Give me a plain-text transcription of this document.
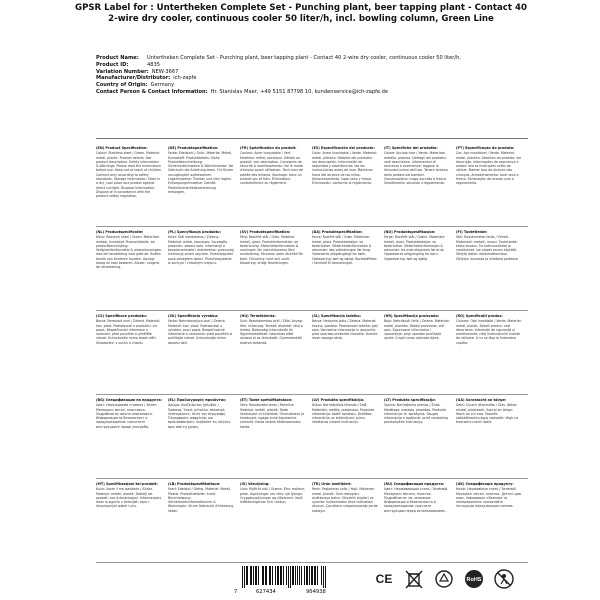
GPSR Label for : Untertheken Complete Set - Punching plant, beer tapping plant - Contact 40 2-wire dry cooler, continuous cooler 50 liter/h, incl. bowling column, Green Line
Product Name: Untertheken Complete Set - Punching plant, beer tapping plant - Contact 40 2-wire dry cooler, continuous cooler 50 liter/h,
Product ID:	4835
Variation Number: NEW-3667
Manufacturer/Distributor: ich-zapfe
Country of Origin: Germany
Contact Person & Contact Information: Hr. Stanislav Maer, +49 5151 87798 10, kundenservice@ich-zapfe.de
7	627434	904938
CE	RoHS
(EN) Product Specification:
Colour: Stainless steel / Green. Material: metal, plastic. Product details: See product description. Safety information & Warnings: Please read the instructions before use. Keep out of reach of children. Connect only according to safety standards. Storage information: Store in a dry, cool place and protect against direct sunlight. Disposal information: Dispose of in accordance with the product safety regulation.
(DE) Produktspezifikation:
Farbe: Edelstahl / Grün. Material: Metall, Kunststoff. Produktdetails: Siehe Produktbeschreibung. Sicherheitshinweise & Warnhinweise: Vor Gebrauch die Anleitung lesen. Für Kinder unzugänglich aufbewahren. Lagerhinweise: Trocken und kühl lagern. Entsorgungshinweise: Gemäß Produktsicherheitsverordnung entsorgen.
(FR) Spécification du produit:
Couleur: Acier inoxydable / Vert. Matériau: métal, plastique. Détails du produit: voir description. Consignes de sécurité & avertissements: lire le mode d'emploi avant utilisation. Tenir hors de portée des enfants. Stockage: dans un endroit sec et frais. Élimination: conformément au règlement.
(ES) Especificación del producto:
Color: Acero inoxidable / Verde. Material: metal, plástico. Detalles del producto: ver descripción. Información de seguridad y advertencias: lea las instrucciones antes de usar. Mantener fuera del alcance de los niños. Almacenamiento: lugar seco y fresco. Eliminación: conforme al reglamento.
(IT) Specifiche del prodotto:
Colore: Acciaio inox / Verde. Materiale: metallo, plastica. Dettagli del prodotto: vedi descrizione. Informazioni di sicurezza e avvertenze: leggere le istruzioni prima dell'uso. Tenere lontano dalla portata dei bambini. Conservazione: luogo asciutto e fresco. Smaltimento: secondo il regolamento.
(PT) Especificação do produto:
Cor: Aço inoxidável / Verde. Material: metal, plástico. Detalhes do produto: ver descrição. Informações de segurança e avisos: leia as instruções antes de utilizar. Manter fora do alcance das crianças. Armazenamento: local seco e fresco. Eliminação: de acordo com o regulamento.
(NL) Productspecificatie:
Kleur: Roestvrij staal / Groen. Materiaal: metaal, kunststof. Productdetails: zie productbeschrijving. Veiligheidsinformatie & waarschuwingen: lees de handleiding voor gebruik. Buiten bereik van kinderen houden. Opslag: droog en koel bewaren. Afvoer: volgens de verordening.
(PL) Specyfikacja produktu:
Kolor: Stal nierdzewna / Zielony. Materiał: metal, tworzywo. Szczegóły produktu: zobacz opis. Informacje o bezpieczeństwie i ostrzeżenia: przeczytaj instrukcję przed użyciem. Przechowywać poza zasięgiem dzieci. Przechowywanie: w suchym i chłodnym miejscu.
(SV) Produktspecifikation:
Färg: Rostfritt stål / Grön. Material: metall, plast. Produktinformation: se beskrivning. Säkerhetsinformation & varningar: läs instruktionerna före användning. Förvaras utom räckhåll för barn. Förvaring: torrt och svalt. Kassering: enligt förordningen.
(DA) Produktspecifikation:
Farve: Rustfrit stål / Grøn. Materiale: metal, plast. Produktdetaljer: se beskrivelse. Sikkerhedsinformation & advarsler: læs vejledningen før brug. Opbevares utilgængeligt for børn. Opbevaring: tørt og køligt. Bortskaffelse: i henhold til forordningen.
(NO) Produktspesifikasjon:
Farge: Rustfritt stål / Grønn. Materiale: metall, plast. Produktdetaljer: se beskrivelse. Sikkerhetsinformasjon & advarsler: les instruksjonene før bruk. Oppbevares utilgjengelig for barn. Oppbevaring: tørt og kjølig.
(FI) Tuotetiedot:
Väri: Ruostumaton teräs / Vihreä. Materiaali: metalli, muovi. Tuotetiedot: katso kuvaus. Turvallisuustiedot ja varoitukset: lue ohjeet ennen käyttöä. Säilytä lasten ulottumattomissa. Säilytys: kuivassa ja viileässä paikassa.
(CS) Specifikace produktu:
Barva: Nerezová ocel / Zelená. Materiál: kov, plast. Podrobnosti o produktu: viz popis. Bezpečnostní informace a varování: před použitím si přečtěte návod. Uchovávejte mimo dosah dětí. Skladování: v suchu a chladu.
(SK) Špecifikácia výrobku:
Farba: Nehrdzavejúca oceľ / Zelená. Materiál: kov, plast. Podrobnosti o výrobku: pozri popis. Bezpečnostné informácie a varovania: pred použitím si prečítajte návod. Uchovávajte mimo dosahu detí.
(HU) Termékleírás:
Szín: Rozsdamentes acél / Zöld. Anyag: fém, műanyag. Termék részletei: lásd a leírást. Biztonsági információk és figyelmeztetések: használat előtt olvassa el az útmutatót. Gyermekektől elzárva tartandó.
(SL) Specifikacija izdelka:
Barva: Nerjavno jeklo / Zelena. Material: kovina, plastika. Podrobnosti izdelka: glej opis. Varnostne informacije in opozorila: pred uporabo preberite navodila. Hranite izven dosega otrok.
(HR) Specifikacija proizvoda:
Boja: Nehrđajući čelik / Zelena. Materijal: metal, plastika. Detalji proizvoda: vidi opis. Sigurnosne informacije i upozorenja: prije uporabe pročitajte upute. Čuvati izvan dohvata djece.
(RO) Specificații produs:
Culoare: Oțel inoxidabil / Verde. Material: metal, plastic. Detalii produs: vezi descrierea. Informații de siguranță și avertismente: citiți instrucțiunile înainte de utilizare. A nu se lăsa la îndemâna copiilor.
(BG) Спецификация на продукта:
Цвят: Неръждаема стомана / Зелен. Материал: метал, пластмаса. Подробности: вижте описанието. Информация за безопасност и предупреждения: прочетете инструкциите преди употреба.
(EL) Προδιαγραφές προϊόντος:
Χρώμα: Ανοξείδωτος χάλυβας / Πράσινο. Υλικό: μέταλλο, πλαστικό. Λεπτομέρειες: δείτε την περιγραφή. Πληροφορίες ασφαλείας και προειδοποιήσεις: διαβάστε τις οδηγίες πριν από τη χρήση.
(ET) Toote spetsifikatsioon:
Värv: Roostevaba teras / Roheline. Materjal: metall, plastik. Toote üksikasjad: vt kirjeldust. Ohutusteave ja hoiatused: lugege enne kasutamist juhendit. Hoida lastele kättesaamatus kohas.
(LV) Produkta specifikācija:
Krāsa: Nerūsējošais tērauds / Zaļš. Materiāls: metāls, plastmasa. Produkta informācija: skatīt aprakstu. Drošības informācija un brīdinājumi: pirms lietošanas izlasiet instrukciju.
(LT) Produkto specifikacija:
Spalva: Nerūdijantis plienas / Žalia. Medžiaga: metalas, plastikas. Produkto informacija: žr. aprašymą. Saugos informacija ir įspėjimai: prieš naudojimą perskaitykite instrukciją.
(GA) Sonraíocht an táirge:
Dath: Cruach dhosmálta / Glas. Ábhar: miotal, plaisteach. Sonraí an táirge: féach an cur síos. Faisnéis sábháilteachta agus rabhaidh: léigh na treoracha roimh úsáid.
(MT) Speċifikazzjoni tal-prodott:
Kulur: Azzar li ma jsaddadx / Aħdar. Materjal: metall, plastik. Dettalji tal-prodott: ara d-deskrizzjoni. Informazzjoni dwar is-sigurtà u twissijiet: aqra l-istruzzjonijiet qabel l-użu.
(LB) Produktspezifikatioun:
Faarf: Edelstol / Gréng. Material: Metall, Plastik. Produktdetailer: kuckt Beschreiwung. Sécherheetsinformatiounen & Warnungen: Virum Gebrauch d'Uleedung liesen.
(IS) Vörulýsing:
Litur: Ryðfrítt stál / Grænn. Efni: málmur, plast. Upplýsingar um vöru: sjá lýsingu. Öryggisupplýsingar og viðvaranir: lesið leiðbeiningarnar fyrir notkun.
(TR) Ürün özellikleri:
Renk: Paslanmaz çelik / Yeşil. Malzeme: metal, plastik. Ürün detayları: açıklamaya bakın. Güvenlik bilgileri ve uyarılar: kullanmadan önce talimatları okuyun. Çocukların ulaşamayacağı yerde saklayın.
(RU) Спецификация продукта:
Цвет: Нержавеющая сталь / Зелёный. Материал: металл, пластик. Подробности: см. описание. Информация о безопасности и предупреждения: прочтите инструкцию перед использованием.
(UK) Специфікація продукту:
Колір: Нержавіюча сталь / Зелений. Матеріал: метал, пластик. Деталі: див. опис. Інформація з безпеки та попередження: прочитайте інструкцію перед використанням.
